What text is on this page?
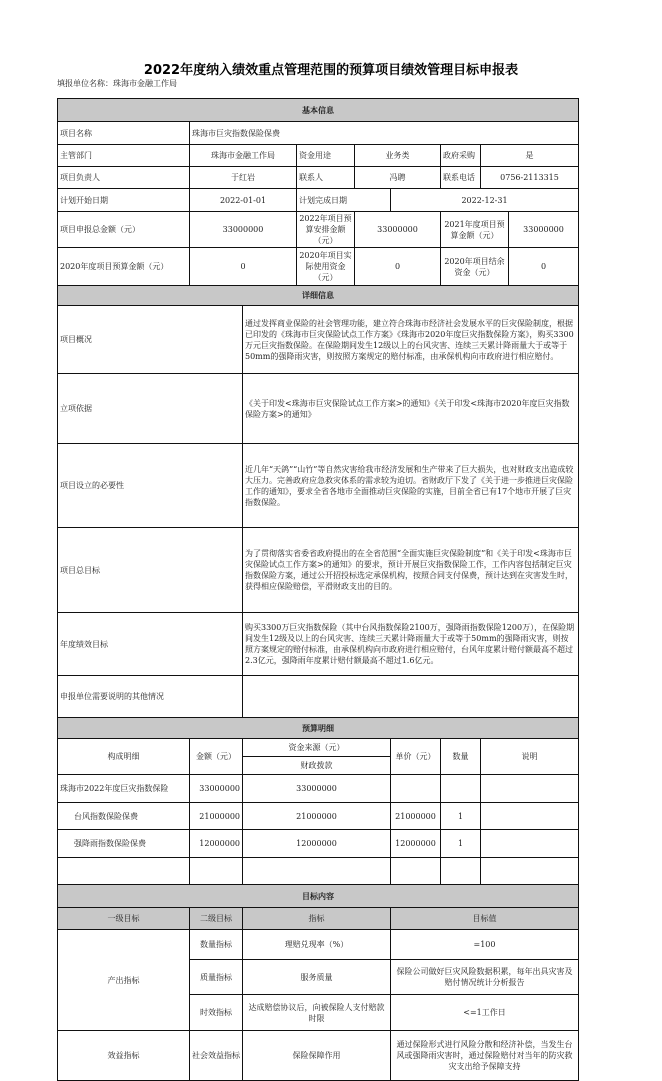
2022年度纳入绩效重点管理范围的预算项目绩效管理目标申报表
填报单位名称：珠海市金融工作局
基本信息								
项目名称	珠海市巨灾指数保险保费							
主管部门	珠海市金融工作局		资金用途	业务类		政府采购	是	
项目负责人	于红岩		联系人	冯聘		联系电话	0756-2113315	
计划开始日期	2022-01-01		计划完成日期		2022-12-31			
项目申报总金额（元）	33000000		2022年项目预算安排金额（元）	33000000		2021年度项目预算金额（元）		33000000
2020年度项目预算金额（元）	0		2020年项目实际使用资金（元）	0		2020年项目结余资金（元）		0
详细信息								
项目概况		通过发挥商业保险的社会管理功能，建立符合珠海市经济社会发展水平的巨灾保险制度，根据已印发的《珠海市巨灾保险试点工作方案》《珠海市2020年度巨灾指数保险方案》，购买3300万元巨灾指数保险。在保险期间发生12级以上的台风灾害、连续三天累计降雨量大于或等于50mm的强降雨灾害，则按照方案规定的赔付标准，由承保机构向市政府进行相应赔付。						
立项依据		《关于印发<珠海市巨灾保险试点工作方案>的通知》《关于印发<珠海市2020年度巨灾指数保险方案>的通知》						
项目设立的必要性		近几年“天鸽”“山竹”等自然灾害给我市经济发展和生产带来了巨大损失，也对财政支出造成较大压力。完善政府应急救灾体系的需求较为迫切。省财政厅下发了《关于进一步推进巨灾保险工作的通知》，要求全省各地市全面推动巨灾保险的实施，目前全省已有17个地市开展了巨灾指数保险。						
项目总目标		为了贯彻落实省委省政府提出的在全省范围“全面实施巨灾保险制度”和《关于印发<珠海市巨灾保险试点工作方案>的通知》的要求，预计开展巨灾指数保险工作，工作内容包括制定巨灾指数保险方案，通过公开招投标选定承保机构，按照合同支付保费，预计达到在灾害发生时，获得相应保险赔偿，平滑财政支出的目的。						
年度绩效目标		购买3300万巨灾指数保险（其中台风指数保险2100万，强降雨指数保险1200万），在保险期间发生12级及以上的台风灾害、连续三天累计降雨量大于或等于50mm的强降雨灾害，则按照方案规定的赔付标准，由承保机构向市政府进行相应赔付，台风年度累计赔付额最高不超过2.3亿元，强降雨年度累计赔付额最高不超过1.6亿元。						
申报单位需要说明的其他情况								
预算明细								
构成明细	金额（元）	资金来源（元）			单价（元）	数量	说明	
		财政拨款						
珠海市2022年度巨灾指数保险	33000000	33000000						
台风指数保险保费	21000000	21000000			21000000	1		
强降雨指数保险保费	12000000	12000000			12000000	1		

目标内容								
一级目标	二级目标	指标			目标值			
产出指标	数量指标	理赔兑现率（%）			=100			
	质量指标	服务质量			保险公司做好巨灾风险数据积累，每年出具灾害及赔付情况统计分析报告			
	时效指标	达成赔偿协议后，向被保险人支付赔款时限			<=1工作日			
效益指标	社会效益指标	保险保障作用			通过保险形式进行风险分散和经济补偿，当发生台风或强降雨灾害时，通过保险赔付对当年的防灾救灾支出给予保障支持			
